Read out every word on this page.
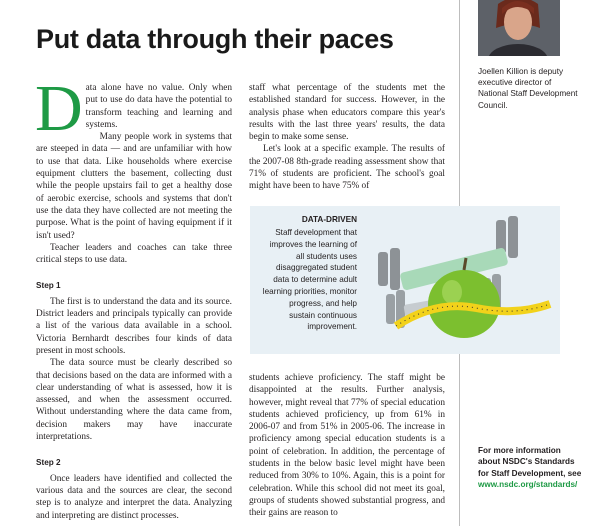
Put data through their paces
Joellen Killion is deputy executive director of National Staff Development Council.

Data alone have no value. Only when put to use do data have the potential to transform teaching and learning and systems.

Many people work in systems that are steeped in data — and are unfamiliar with how to use that data. Like households where exercise equipment clutters the basement, collecting dust while the people upstairs fail to get a healthy dose of aerobic exercise, schools and systems that don't use the data they have collected are not meeting the purpose. What is the point of having equipment if it isn't used?

Teacher leaders and coaches can take three critical steps to use data.

Step 1

The first is to understand the data and its source. District leaders and principals typically can provide a list of the various data available in a school. Victoria Bernhardt describes four kinds of data present in most schools.

The data source must be clearly described so that decisions based on the data are informed with a clear understanding of what is assessed, how it is assessed, and when the assessment occurred. Without understanding where the data came from, decision makers may have inaccurate interpretations.

Step 2

Once leaders have identified and collected the various data and the sources are clear, the second step is to analyze and interpret the data. Analyzing and interpreting are distinct processes.

staff what percentage of the students met the established standard for success. However, in the analysis phase when educators compare this year's results with the last three years' results, the data begin to make some sense.

Let's look at a specific example. The results of the 2007-08 8th-grade reading assessment show that 71% of students are proficient. The school's goal might have been to have 75% of

DATA-DRIVEN
Staff development that improves the learning of all students uses disaggregated student data to determine adult learning priorities, monitor progress, and help sustain continuous improvement.

students achieve proficiency. The staff might be disappointed at the results. Further analysis, however, might reveal that 77% of special education students achieved proficiency, up from 61% in 2006-07 and from 51% in 2005-06. The increase in proficiency among special education students is a point of celebration. In addition, the percentage of students in the below basic level might have been reduced from 30% to 10%. Again, this is a point for celebration. While this school did not meet its goal, groups of students showed substantial progress, and their gains are reason to

For more information about NSDC's Standards for Staff Development, see www.nsdc.org/standards/
